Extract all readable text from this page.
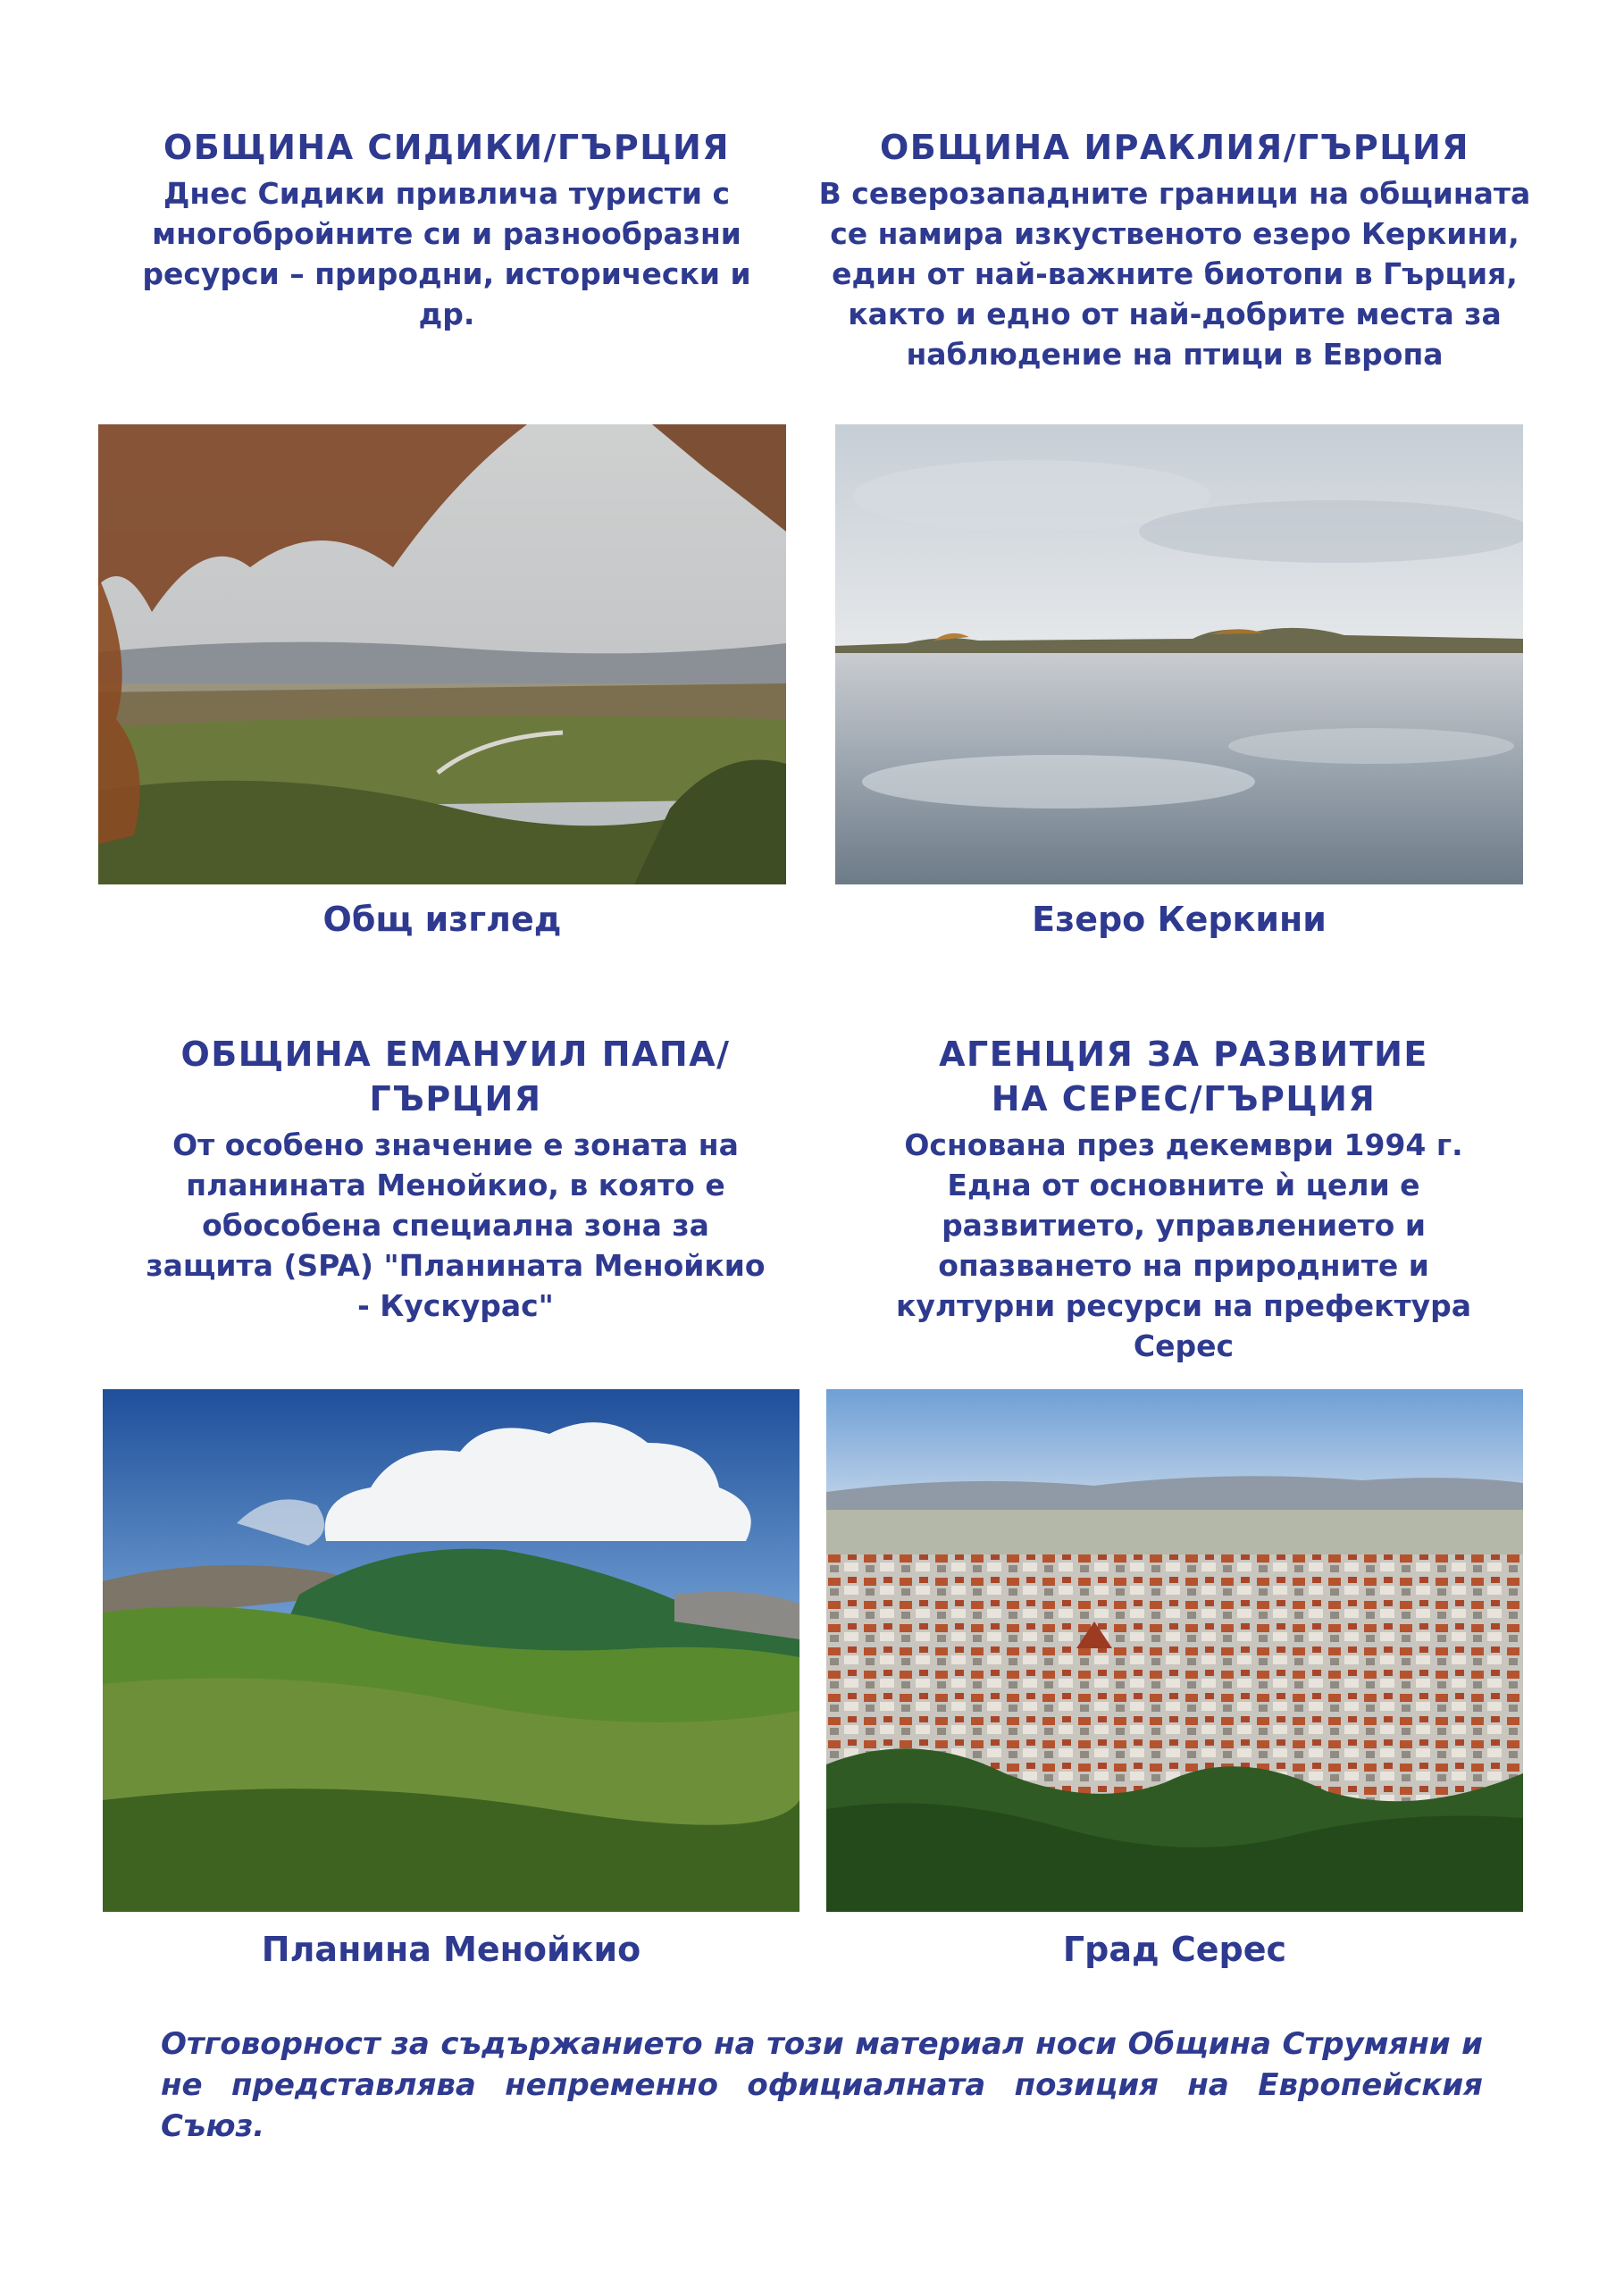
ОБЩИНА СИДИКИ/ГЪРЦИЯ
Днес Сидики привлича туристи с многобройните си и разнообразни ресурси – природни, исторически и др.
Общ изглед
ОБЩИНА ИРАКЛИЯ/ГЪРЦИЯ
В северозападните граници на общината се намира изкуственото езеро Керкини, един от най-важните биотопи в Гърция, както и едно от най-добрите места за наблюдение на птици в Европа
Езеро Керкини
ОБЩИНА ЕМАНУИЛ ПАПА/ ГЪРЦИЯ
От особено значение е зоната на планината Менойкио, в която е обособена специална зона за защита (SPA) "Планината Менойкио - Кускурас"
Планина Менойкио
АГЕНЦИЯ ЗА РАЗВИТИЕ НА СЕРЕС/ГЪРЦИЯ
Основана през декември 1994 г. Една от основните ѝ цели е развитието, управлението и опазването на природните и културни ресурси на префектура Серес
Град Серес
Отговорност за съдържанието на този материал носи Община Струмяни и не представлява непременно официалната позиция на Европейския Съюз.
